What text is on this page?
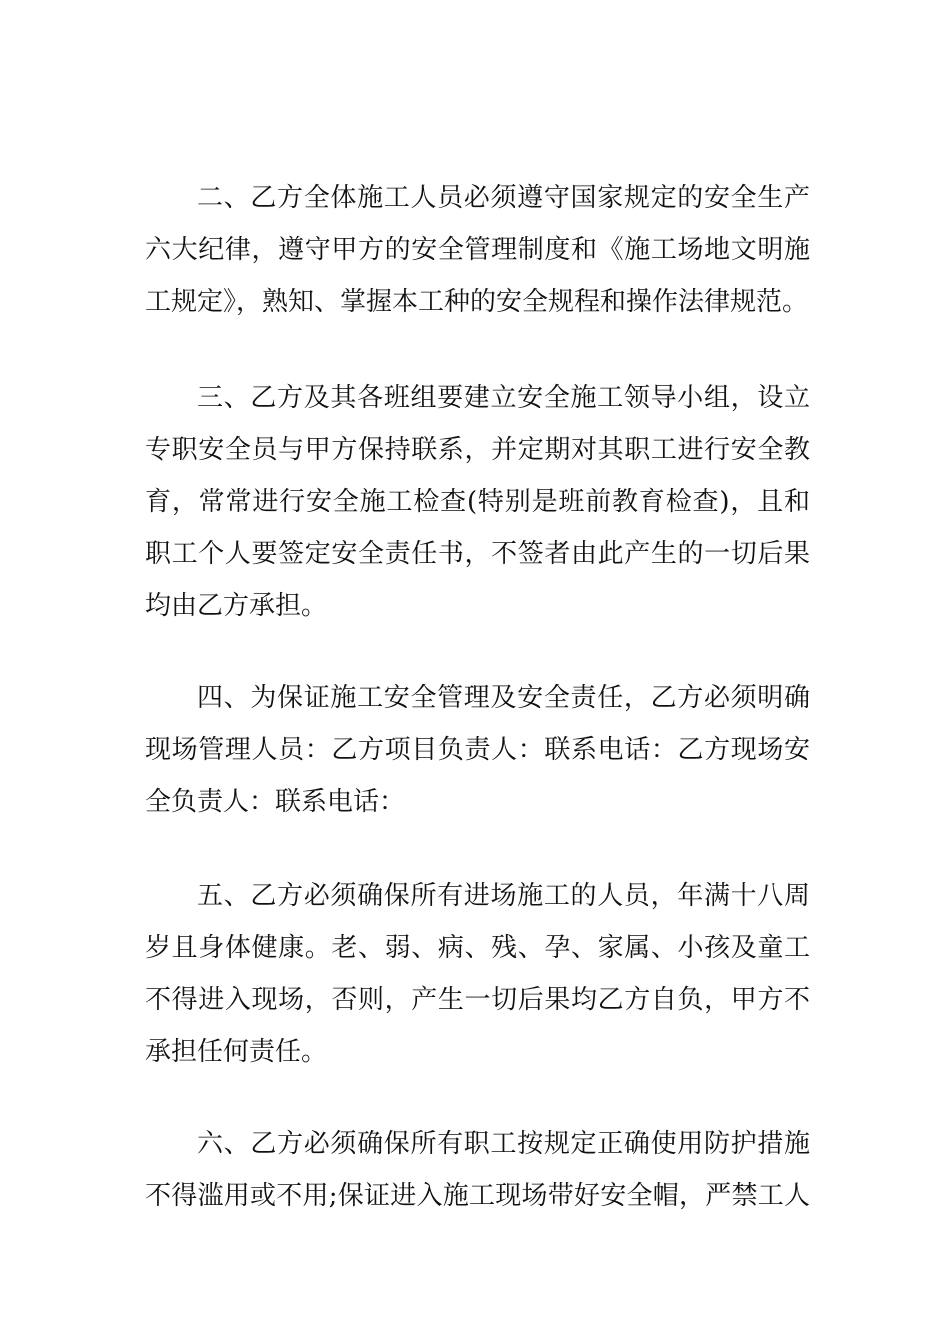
二、乙方全体施工人员必须遵守国家规定的安全生产
六大纪律，遵守甲方的安全管理制度和《施工场地文明施
工规定》，熟知、掌握本工种的安全规程和操作法律规范。
三、乙方及其各班组要建立安全施工领导小组，设立
专职安全员与甲方保持联系，并定期对其职工进行安全教
育，常常进行安全施工检查(特别是班前教育检查)，且和
职工个人要签定安全责任书，不签者由此产生的一切后果
均由乙方承担。
四、为保证施工安全管理及安全责任，乙方必须明确
现场管理人员：乙方项目负责人：联系电话：乙方现场安
全负责人：联系电话：
五、乙方必须确保所有进场施工的人员，年满十八周
岁且身体健康。老、弱、病、残、孕、家属、小孩及童工
不得进入现场，否则，产生一切后果均乙方自负，甲方不
承担任何责任。
六、乙方必须确保所有职工按规定正确使用防护措施
不得滥用或不用;保证进入施工现场带好安全帽，严禁工人
